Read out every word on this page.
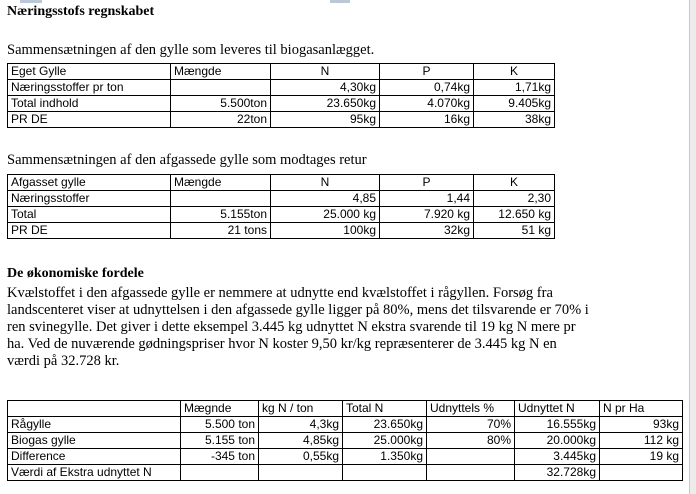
Næringsstofs regnskabet
Sammensætningen af den gylle som leveres til biogasanlægget.
Eget Gylle	Mængde	N	P	K
Næringsstoffer pr ton		4,30kg	0,74kg	1,71kg
Total indhold	5.500ton	23.650kg	4.070kg	9.405kg
PR DE	22ton	95kg	16kg	38kg
Sammensætningen af den afgassede gylle som modtages retur
Afgasset gylle	Mængde	N	P	K
Næringsstoffer		4,85	1,44	2,30
Total	5.155ton	25.000 kg	7.920 kg	12.650 kg
PR DE	21 tons	100kg	32kg	51 kg
De økonomiske fordele
Kvælstoffet i den afgassede gylle er nemmere at udnytte end kvælstoffet i rågyllen. Forsøg fra
landscenteret viser at udnyttelsen i den afgassede gylle ligger på 80%, mens det tilsvarende er 70% i
ren svinegylle. Det giver i dette eksempel 3.445 kg udnyttet N ekstra svarende til 19 kg N mere pr
ha. Ved de nuværende gødningspriser hvor N koster 9,50 kr/kg repræsenterer de 3.445 kg N en
værdi på 32.728 kr.
	Mægnde	kg N / ton	Total N	Udnyttels %	Udnyttet N	N pr Ha
Rågylle	5.500 ton	4,3kg	23.650kg	70%	16.555kg	93kg
Biogas gylle	5.155 ton	4,85kg	25.000kg	80%	20.000kg	112 kg
Difference	-345 ton	0,55kg	1.350kg		3.445kg	19 kg
Værdi af Ekstra udnyttet N					32.728kg	
